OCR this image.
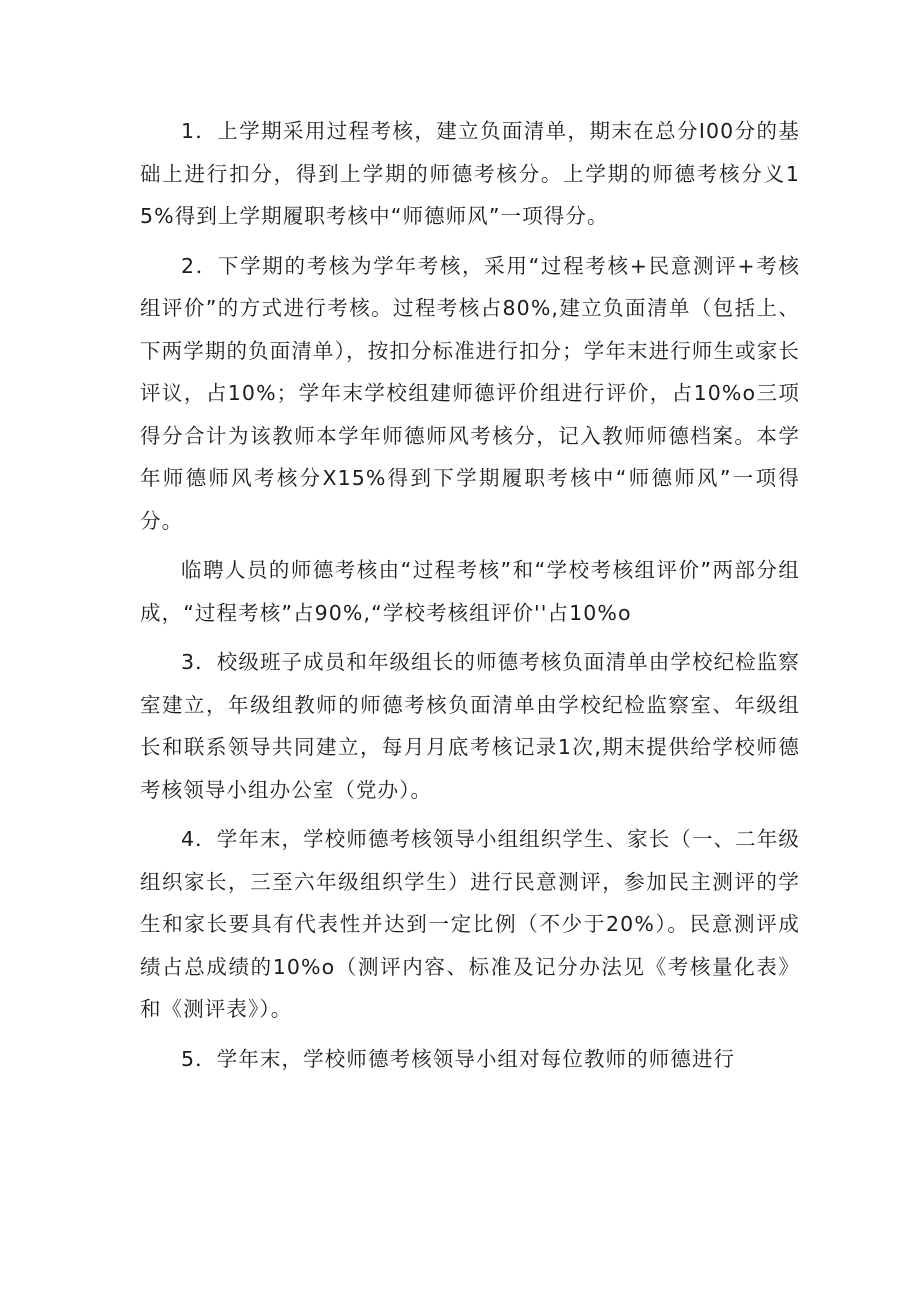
1．上学期采用过程考核，建立负面清单，期末在总分I00分的基础上进行扣分，得到上学期的师德考核分。上学期的师德考核分义15%得到上学期履职考核中“师德师风”一项得分。

2．下学期的考核为学年考核，采用“过程考核+民意测评+考核组评价”的方式进行考核。过程考核占80%,建立负面清单（包括上、下两学期的负面清单），按扣分标准进行扣分；学年末进行师生或家长评议，占10%；学年末学校组建师德评价组进行评价，占10%o三项得分合计为该教师本学年师德师风考核分，记入教师师德档案。本学年师德师风考核分X15%得到下学期履职考核中“师德师风”一项得分。

临聘人员的师德考核由“过程考核”和“学校考核组评价”两部分组成，“过程考核”占90%,“学校考核组评价''占10%o

3．校级班子成员和年级组长的师德考核负面清单由学校纪检监察室建立，年级组教师的师德考核负面清单由学校纪检监察室、年级组长和联系领导共同建立，每月月底考核记录1次,期末提供给学校师德考核领导小组办公室（党办）。

4．学年末，学校师德考核领导小组组织学生、家长（一、二年级组织家长，三至六年级组织学生）进行民意测评，参加民主测评的学生和家长要具有代表性并达到一定比例（不少于20%）。民意测评成绩占总成绩的10%o（测评内容、标准及记分办法见《考核量化表》和《测评表》）。

5．学年末，学校师德考核领导小组对每位教师的师德进行
